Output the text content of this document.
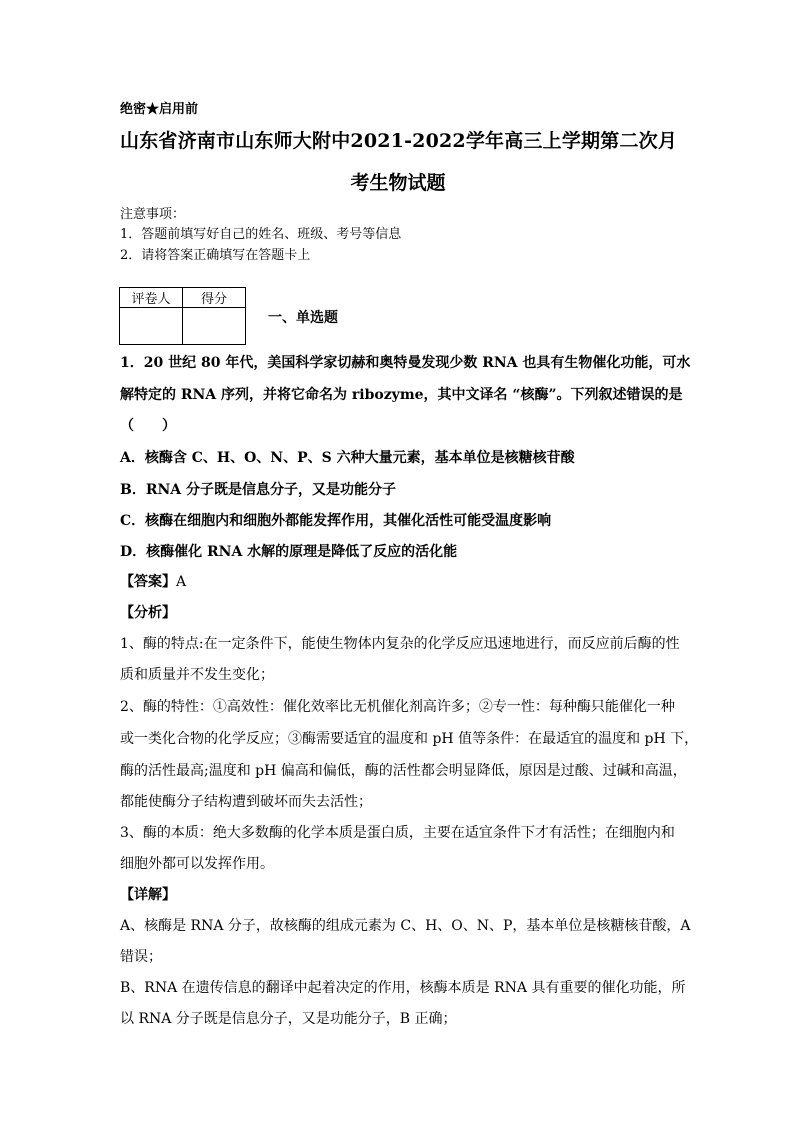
绝密★启用前
山东省济南市山东师大附中2021-2022学年高三上学期第二次月
考生物试题
注意事项：
1．答题前填写好自己的姓名、班级、考号等信息
2．请将答案正确填写在答题卡上
评卷人	得分

一、单选题
1．20 世纪 80 年代，美国科学家切赫和奥特曼发现少数 RNA 也具有生物催化功能，可水
解特定的 RNA 序列，并将它命名为 ribozyme，其中文译名 “核酶”。下列叙述错误的是
（　　）
A．核酶含 C、H、O、N、P、S 六种大量元素，基本单位是核糖核苷酸
B．RNA 分子既是信息分子，又是功能分子
C．核酶在细胞内和细胞外都能发挥作用，其催化活性可能受温度影响
D．核酶催化 RNA 水解的原理是降低了反应的活化能
【答案】A
【分析】
1、酶的特点:在一定条件下，能使生物体内复杂的化学反应迅速地进行，而反应前后酶的性
质和质量并不发生变化；
2、酶的特性：①高效性：催化效率比无机催化剂高许多；②专一性：每种酶只能催化一种
或一类化合物的化学反应；③酶需要适宜的温度和 pH 值等条件：在最适宜的温度和 pH 下，
酶的活性最高;温度和 pH 偏高和偏低，酶的活性都会明显降低，原因是过酸、过碱和高温，
都能使酶分子结构遭到破坏而失去活性；
3、酶的本质：绝大多数酶的化学本质是蛋白质，主要在适宜条件下才有活性；在细胞内和
细胞外都可以发挥作用。
【详解】
A、核酶是 RNA 分子，故核酶的组成元素为 C、H、O、N、P，基本单位是核糖核苷酸，A
错误；
B、RNA 在遗传信息的翻译中起着决定的作用，核酶本质是 RNA 具有重要的催化功能，所
以 RNA 分子既是信息分子，又是功能分子，B 正确；
